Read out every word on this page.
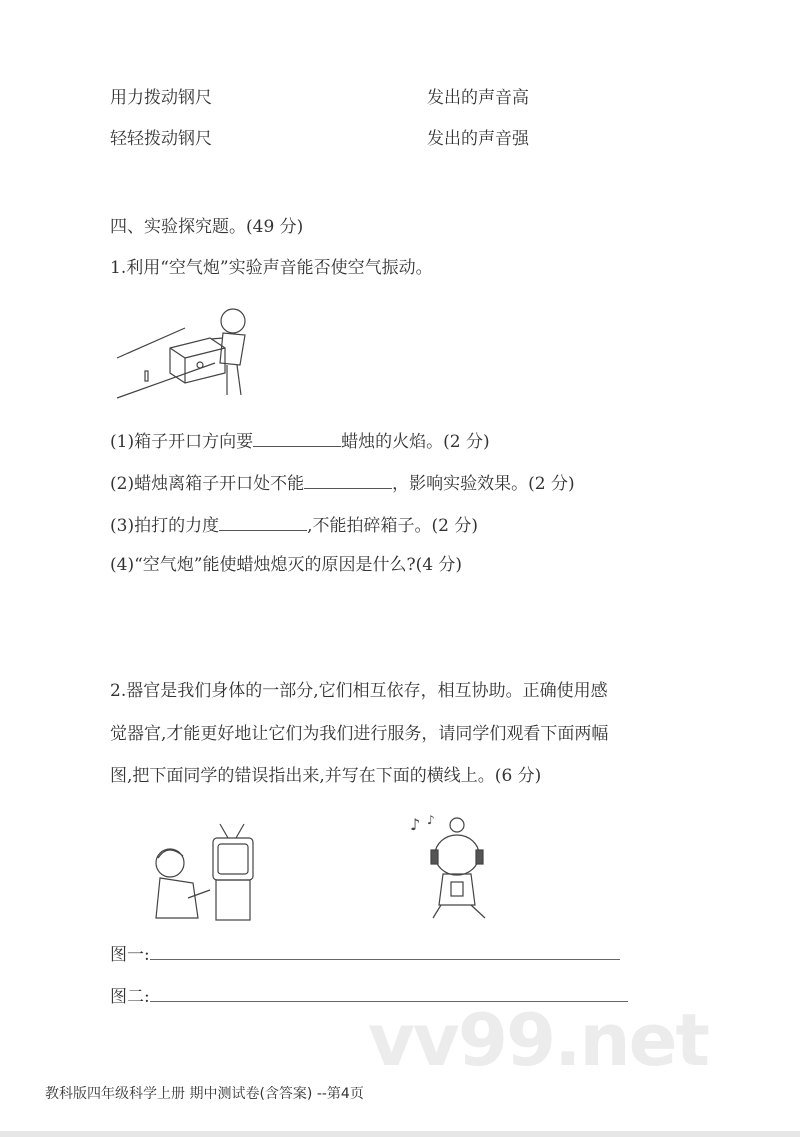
用力拨动钢尺	发出的声音高
轻轻拨动钢尺	发出的声音强
四、实验探究题。(49 分)
1.利用“空气炮”实验声音能否使空气振动。
(1)箱子开口方向要	蜡烛的火焰。(2 分)
(2)蜡烛离箱子开口处不能	，影响实验效果。(2 分)
(3)拍打的力度	,不能拍碎箱子。(2 分)
(4)“空气炮”能使蜡烛熄灭的原因是什么?(4 分)
2.器官是我们身体的一部分,它们相互依存，相互协助。正确使用感
觉器官,才能更好地让它们为我们进行服务，请同学们观看下面两幅
图,把下面同学的错误指出来,并写在下面的横线上。(6 分)
♪ ♪
图一:
图二:
vv99.net
教科版四年级科学上册 期中测试卷(含答案) --第4页
